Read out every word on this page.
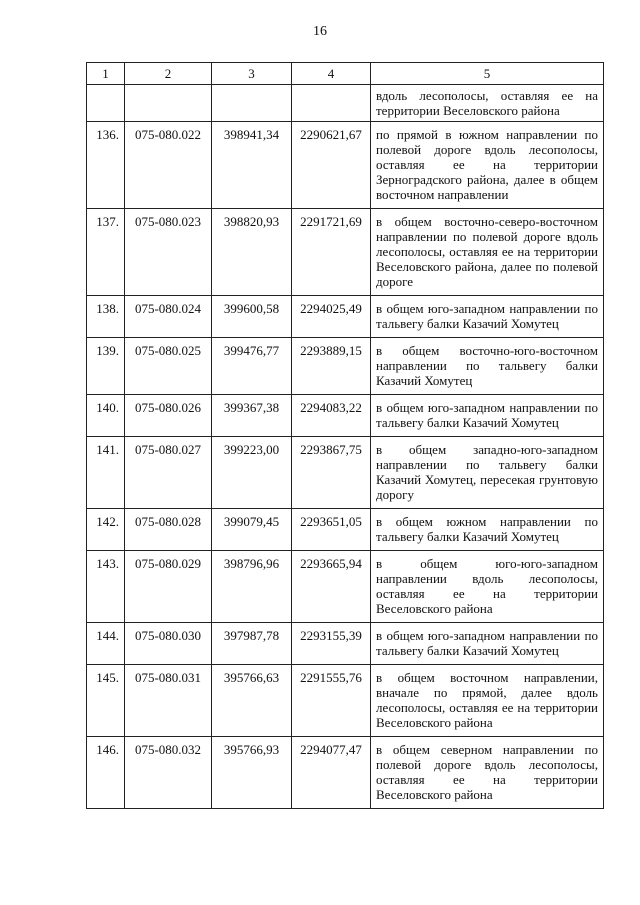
16
1	2	3	4	5
				вдоль лесополосы, оставляя ее на территории Веселовского района
136.	075-080.022	398941,34	2290621,67	по прямой в южном направлении по полевой дороге вдоль лесополосы, оставляя ее на территории Зерноградского района, далее в общем восточном направлении
137.	075-080.023	398820,93	2291721,69	в общем восточно-северо-восточном направлении по полевой дороге вдоль лесополосы, оставляя ее на территории Веселовского района, далее по полевой дороге
138.	075-080.024	399600,58	2294025,49	в общем юго-западном направлении по тальвегу балки Казачий Хомутец
139.	075-080.025	399476,77	2293889,15	в общем восточно-юго-восточном направлении по тальвегу балки Казачий Хомутец
140.	075-080.026	399367,38	2294083,22	в общем юго-западном направлении по тальвегу балки Казачий Хомутец
141.	075-080.027	399223,00	2293867,75	в общем западно-юго-западном направлении по тальвегу балки Казачий Хомутец, пересекая грунтовую дорогу
142.	075-080.028	399079,45	2293651,05	в общем южном направлении по тальвегу балки Казачий Хомутец
143.	075-080.029	398796,96	2293665,94	в общем юго-юго-западном направлении вдоль лесополосы, оставляя ее на территории Веселовского района
144.	075-080.030	397987,78	2293155,39	в общем юго-западном направлении по тальвегу балки Казачий Хомутец
145.	075-080.031	395766,63	2291555,76	в общем восточном направлении, вначале по прямой, далее вдоль лесополосы, оставляя ее на территории Веселовского района
146.	075-080.032	395766,93	2294077,47	в общем северном направлении по полевой дороге вдоль лесополосы, оставляя ее на территории Веселовского района
